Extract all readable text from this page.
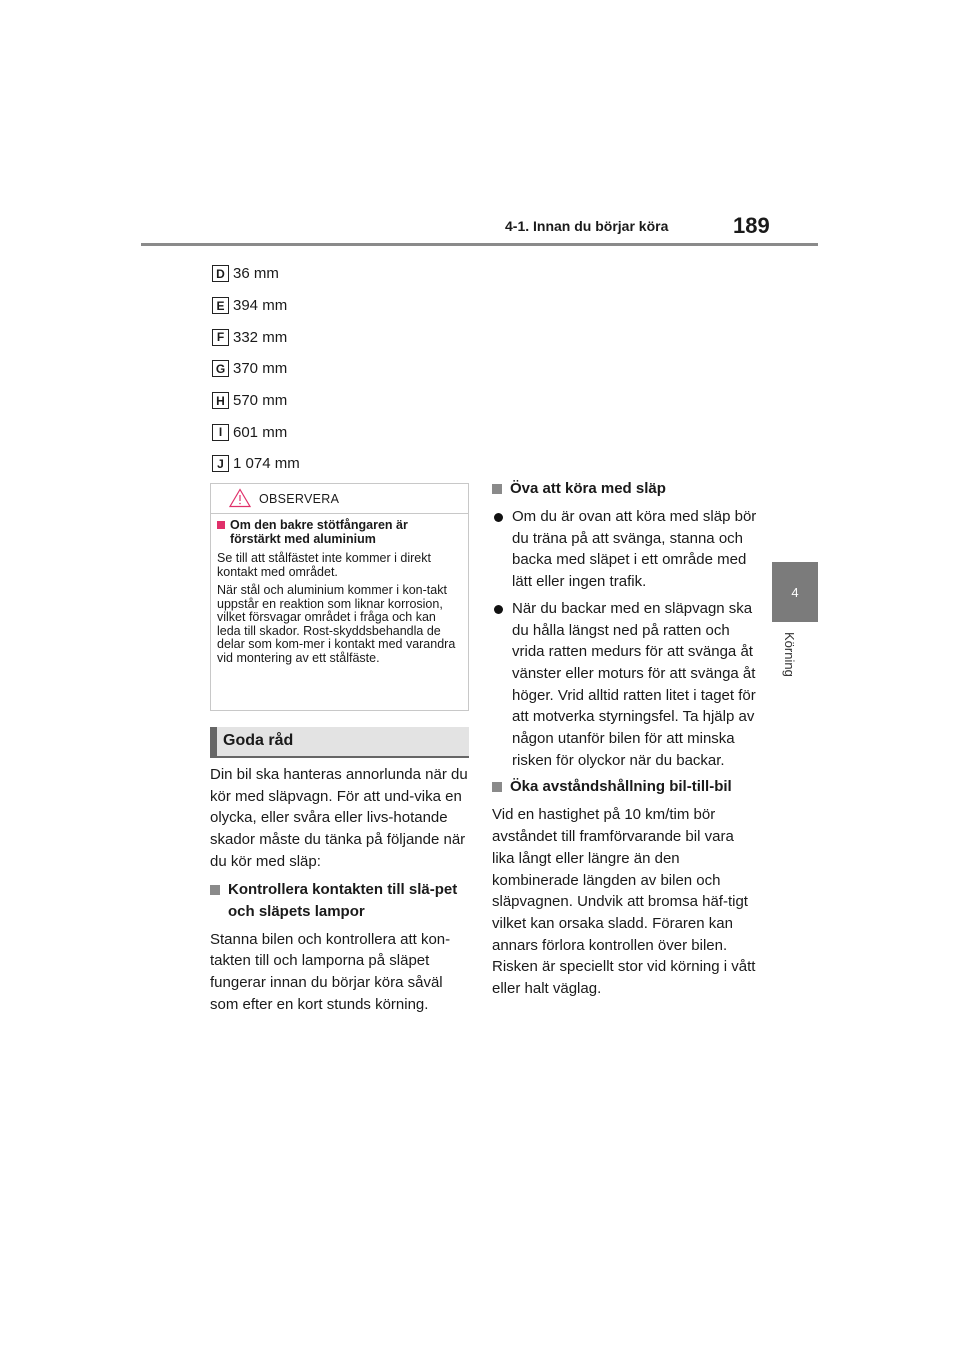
4-1. Innan du börjar köra	189
4
Körning
D 36 mm
E 394 mm
F 332 mm
G 370 mm
H 570 mm
I 601 mm
J 1 074 mm
OBSERVERA
Om den bakre stötfångaren är förstärkt med aluminium

Se till att stålfästet inte kommer i direkt kontakt med området.

När stål och aluminium kommer i kon-takt uppstår en reaktion som liknar korrosion, vilket försvagar området i fråga och kan leda till skador. Rost-skyddsbehandla de delar som kom-mer i kontakt med varandra vid montering av ett stålfäste.

Goda råd

Din bil ska hanteras annorlunda när du kör med släpvagn. För att und-vika en olycka, eller svåra eller livs-hotande skador måste du tänka på följande när du kör med släp:

Kontrollera kontakten till slä-pet och släpets lampor

Stanna bilen och kontrollera att kon-takten till och lamporna på släpet fungerar innan du börjar köra såväl som efter en kort stunds körning.

Öva att köra med släp
Om du är ovan att köra med släp bör du träna på att svänga, stanna och backa med släpet i ett område med lätt eller ingen trafik.
När du backar med en släpvagn ska du hålla längst ned på ratten och vrida ratten medurs för att svänga åt vänster eller moturs för att svänga åt höger. Vrid alltid ratten litet i taget för att motverka styrningsfel. Ta hjälp av någon utanför bilen för att minska risken för olyckor när du backar.
Öka avståndshållning bil-till-bil

Vid en hastighet på 10 km/tim bör avståndet till framförvarande bil vara lika långt eller längre än den kombinerade längden av bilen och släpvagnen. Undvik att bromsa häf-tigt vilket kan orsaka sladd. Föraren kan annars förlora kontrollen över bilen. Risken är speciellt stor vid körning i vått eller halt väglag.
